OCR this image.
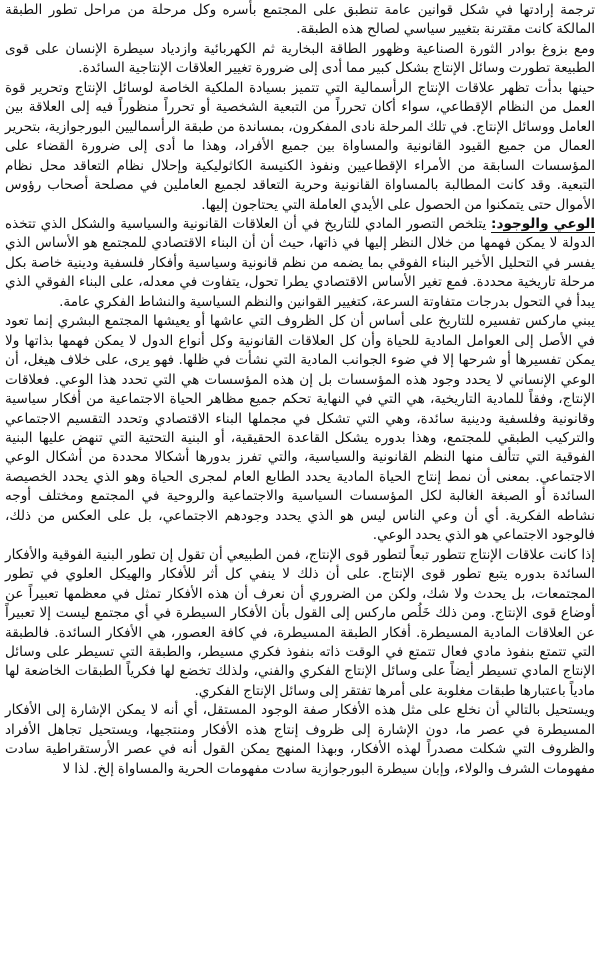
ترجمة إرادتها في شكل قوانين عامة تنطبق على المجتمع بأسره وكل مرحلة من مراحل تطور الطبقة المالكة كانت مقترنة بتغيير سياسي لصالح هذه الطبقة.

ومع بزوغ بوادر الثورة الصناعية وظهور الطاقة البخارية ثم الكهربائية وازدياد سيطرة الإنسان على قوى الطبيعة تطورت وسائل الإنتاج بشكل كبير مما أدى إلى ضرورة تغيير العلاقات الإنتاجية السائدة.

حينها بدأت تظهر علاقات الإنتاج الرأسمالية التي تتميز بسيادة الملكية الخاصة لوسائل الإنتاج وتحرير قوة العمل من النظام الإقطاعي، سواء أكان تحرراً من التبعية الشخصية أو تحرراً منظوراً فيه إلى العلاقة بين العامل ووسائل الإنتاج. في تلك المرحلة نادى المفكرون، بمساندة من طبقة الرأسماليين البورجوازية، بتحرير العمال من جميع القيود القانونية والمساواة بين جميع الأفراد، وهذا ما أدى إلى ضرورة القضاء على المؤسسات السابقة من الأمراء الإقطاعيين ونفوذ الكنيسة الكاثوليكية وإحلال نظام التعاقد محل نظام التبعية. وقد كانت المطالبة بالمساواة القانونية وحرية التعاقد لجميع العاملين في مصلحة أصحاب رؤوس الأموال حتى يتمكنوا من الحصول على الأيدي العاملة التي يحتاجون إليها.

الوعي والوجود: يتلخص التصور المادي للتاريخ في أن العلاقات القانونية والسياسية والشكل الذي تتخذه الدولة لا يمكن فهمها من خلال النظر إليها في ذاتها، حيث أن أن البناء الاقتصادي للمجتمع هو الأساس الذي يفسر في التحليل الأخير البناء الفوقي بما يضمه من نظم قانونية وسياسية وأفكار فلسفية ودينية خاصة بكل مرحلة تاريخية محددة. فمع تغير الأساس الاقتصادي يطرا تحول، يتفاوت في معدله، على البناء الفوقي الذي يبدأ في التحول بدرجات متفاوتة السرعة، كتغيير القوانين والنظم السياسية والنشاط الفكري عامة.

يبني ماركس تفسيره للتاريخ على أساس أن كل الظروف التي عاشها أو يعيشها المجتمع البشري إنما تعود في الأصل إلى العوامل المادية للحياة وأن كل العلاقات القانونية وكل أنواع الدول لا يمكن فهمها بذاتها ولا يمكن تفسيرها أو شرحها إلا في ضوء الجوانب المادية التي نشأت في ظلها. فهو يرى، على خلاف هيغل، أن الوعي الإنساني لا يحدد وجود هذه المؤسسات بل إن هذه المؤسسات هي التي تحدد هذا الوعي. فعلاقات الإنتاج، وفقاً للمادية التاريخية، هي التي في النهاية تحكم جميع مظاهر الحياة الاجتماعية من أفكار سياسية وقانونية وفلسفية ودينية سائدة، وهي التي تشكل في مجملها البناء الاقتصادي وتحدد التقسيم الاجتماعي والتركيب الطبقي للمجتمع، وهذا بدوره يشكل القاعدة الحقيقية، أو البنية التحتية التي تنهض عليها البنية الفوقية التي تتألف منها النظم القانونية والسياسية، والتي تفرز بدورها أشكالا محددة من أشكال الوعي الاجتماعي. بمعنى أن نمط إنتاج الحياة المادية يحدد الطابع العام لمجرى الحياة وهو الذي يحدد الخصيصة السائدة أو الصبغة الغالبة لكل المؤسسات السياسية والاجتماعية والروحية في المجتمع ومختلف أوجه نشاطه الفكرية. أي أن وعي الناس ليس هو الذي يحدد وجودهم الاجتماعي، بل على العكس من ذلك، فالوجود الاجتماعي هو الذي يحدد الوعي.

إذا كانت علاقات الإنتاج تتطور تبعاً لتطور قوى الإنتاج، فمن الطبيعي أن تقول إن تطور البنية الفوقية والأفكار السائدة بدوره يتبع تطور قوى الإنتاج. على أن ذلك لا ينفي كل أثر للأفكار والهيكل العلوي في تطور المجتمعات، بل يحدث ولا شك، ولكن من الضروري أن نعرف أن هذه الأفكار تمثل في معظمها تعبيراً عن أوضاع قوى الإنتاج. ومن ذلك خَلُص ماركس إلى القول بأن الأفكار السيطرة في أي مجتمع ليست إلا تعبيراً عن العلاقات المادية المسيطرة. أفكار الطبقة المسيطرة، في كافة العصور، هي الأفكار السائدة. فالطبقة التي تتمتع بنفوذ مادي فعال تتمتع في الوقت ذاته بنفوذ فكري مسيطر، والطبقة التي تسيطر على وسائل الإنتاج المادي تسيطر أيضاً على وسائل الإنتاج الفكري والفني، ولذلك تخضع لها فكرياً الطبقات الخاضعة لها مادياً باعتبارها طبقات مغلوبة على أمرها تفتقر إلى وسائل الإنتاج الفكري.

ويستحيل بالتالي أن نخلع على مثل هذه الأفكار صفة الوجود المستقل، أي أنه لا يمكن الإشارة إلى الأفكار المسيطرة في عصر ما، دون الإشارة إلى ظروف إنتاج هذه الأفكار ومنتجيها، ويستحيل تجاهل الأفراد والظروف التي شكلت مصدراً لهذه الأفكار، وبهذا المنهج يمكن القول أنه في عصر الأرستقراطية سادت مفهومات الشرف والولاء، وإبان سيطرة البورجوازية سادت مفهومات الحرية والمساواة إلخ. لذا لا
